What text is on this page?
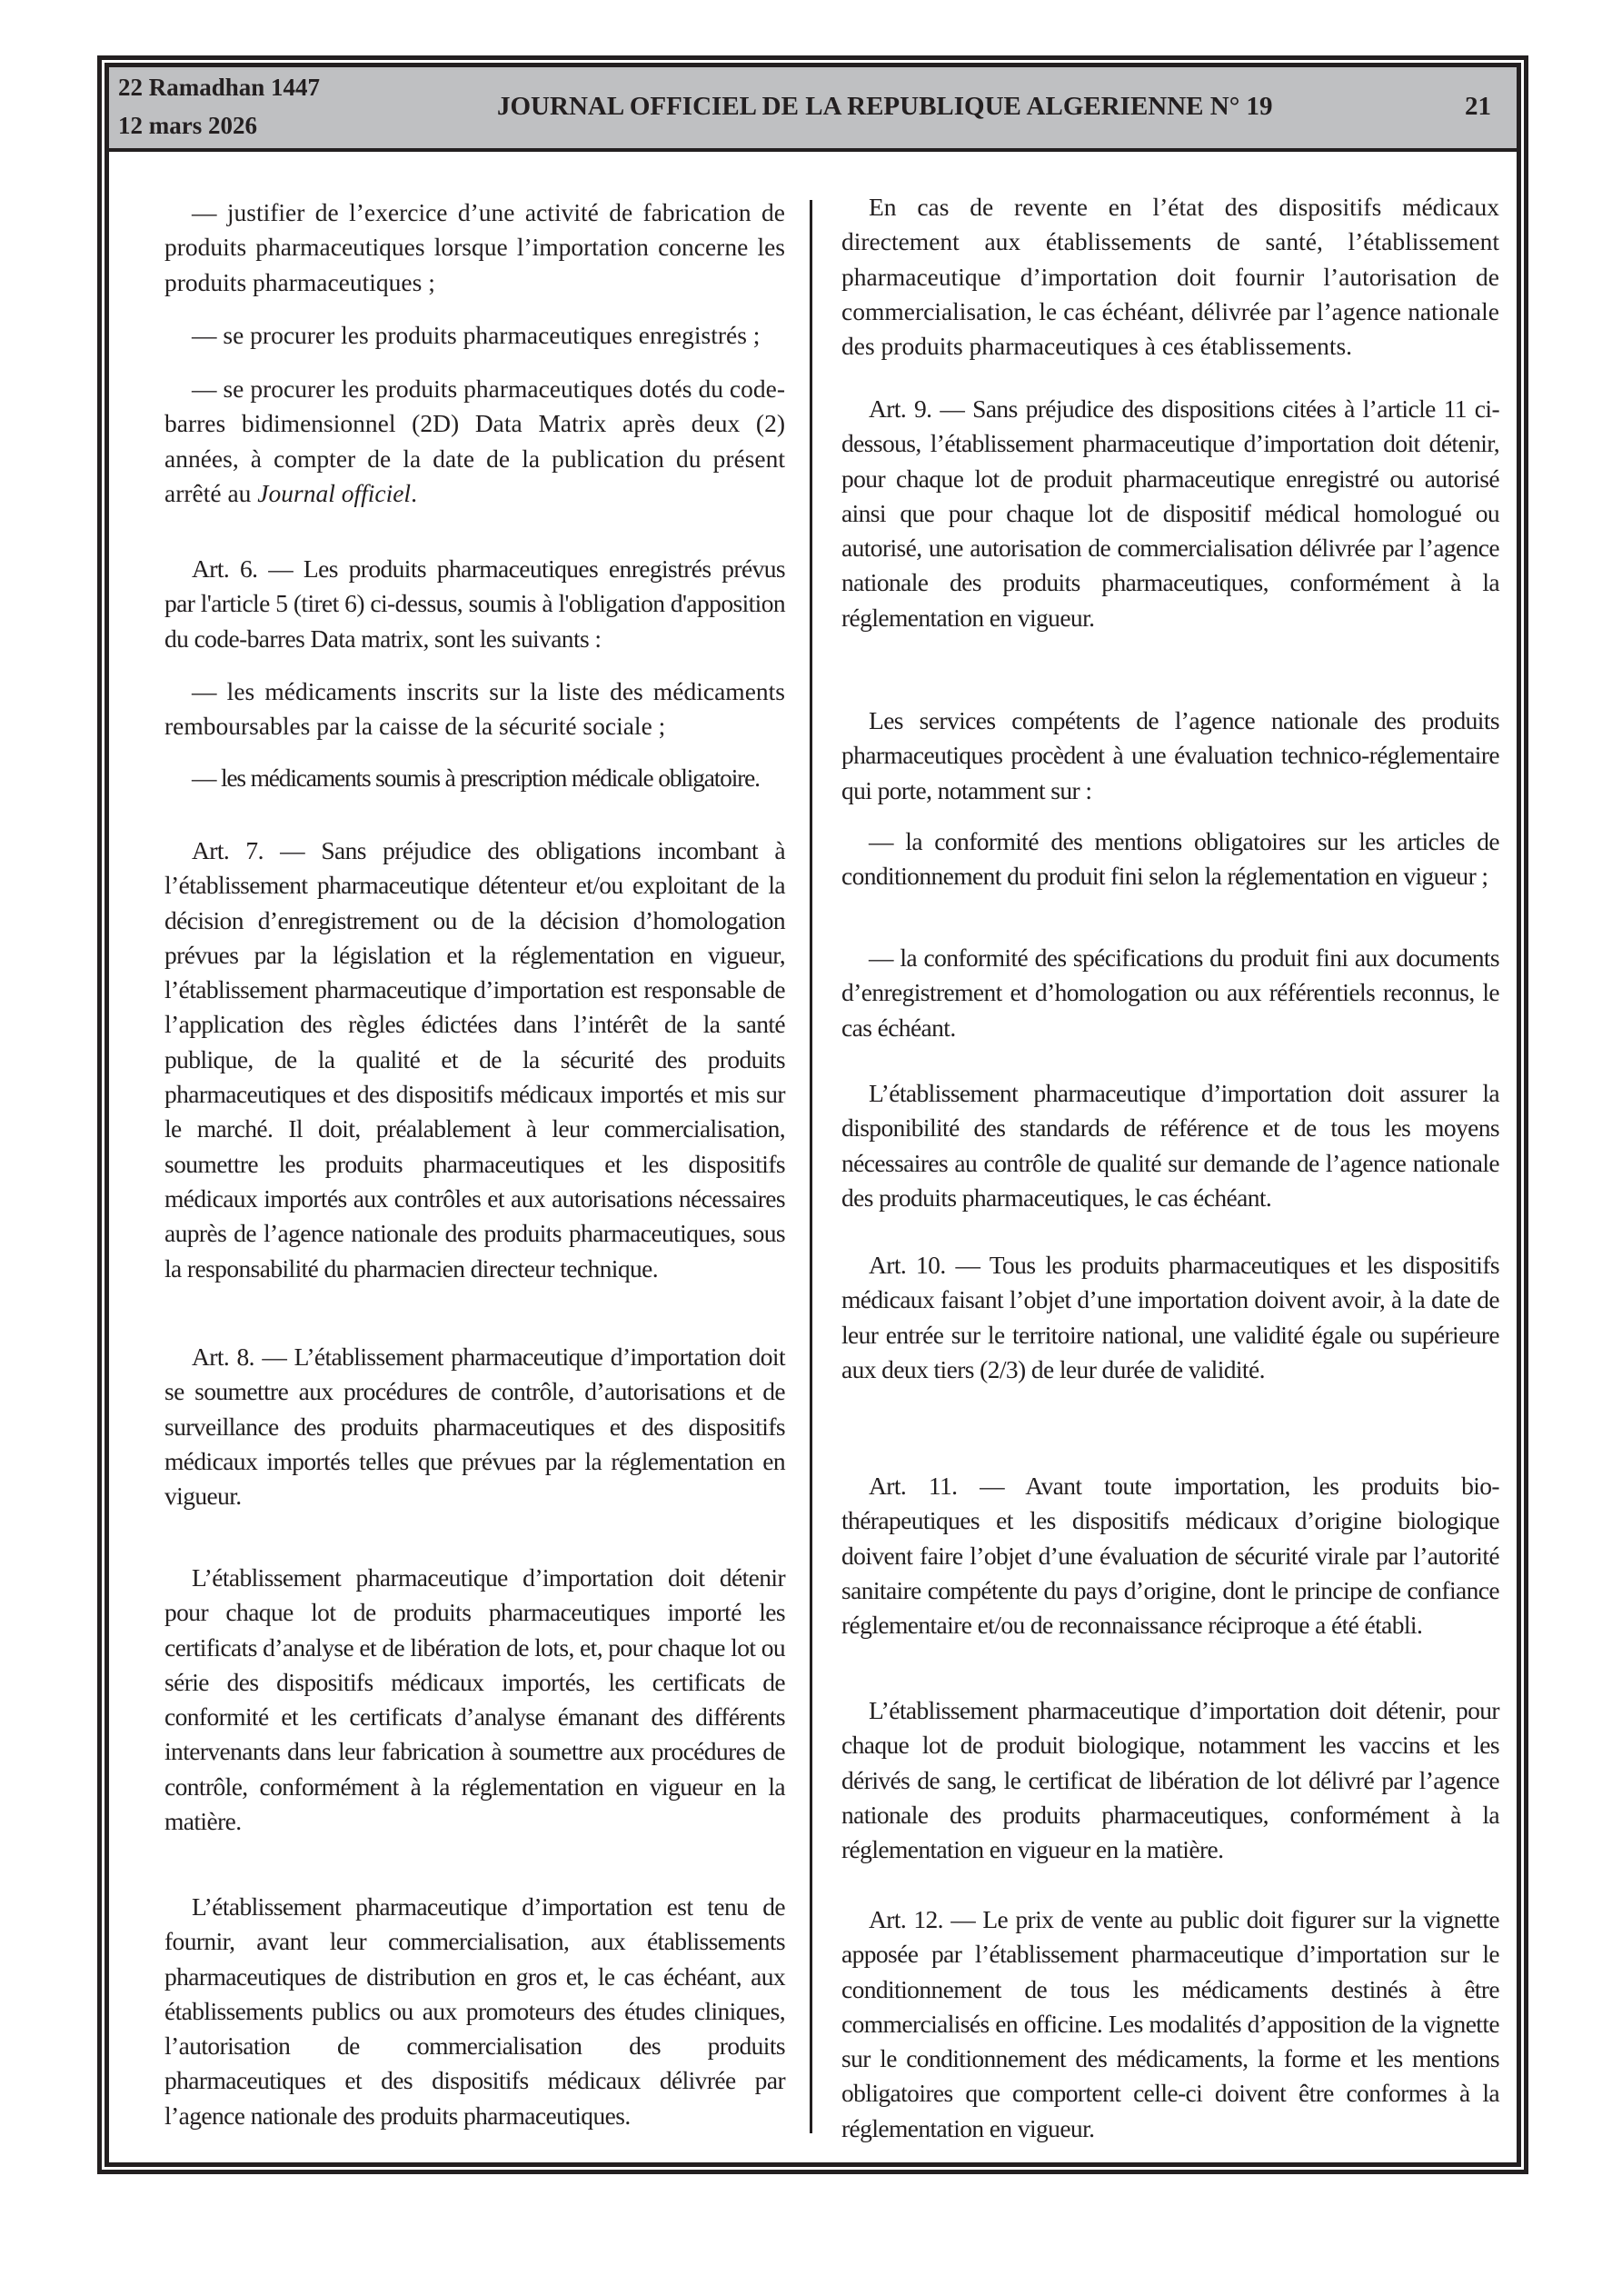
22 Ramadhan 1447
12 mars 2026
JOURNAL OFFICIEL DE LA REPUBLIQUE ALGERIENNE N° 19	21

— justifier de l’exercice d’une activité de fabrication de produits pharmaceutiques lorsque l’importation concerne les produits pharmaceutiques ;

— se procurer les produits pharmaceutiques enregistrés ;

— se procurer les produits pharmaceutiques dotés du code-barres bidimensionnel (2D) Data Matrix après deux (2) années, à compter de la date de la publication du présent arrêté au Journal officiel.

Art. 6. — Les produits pharmaceutiques enregistrés prévus par l'article 5 (tiret 6) ci-dessus, soumis à l'obligation d'apposition du code-barres Data matrix, sont les suivants :

— les médicaments inscrits sur la liste des médicaments remboursables par la caisse de la sécurité sociale ;

— les médicaments soumis à prescription médicale obligatoire.

Art. 7. — Sans préjudice des obligations incombant à l’établissement pharmaceutique détenteur et/ou exploitant de la décision d’enregistrement ou de la décision d’homologation prévues par la législation et la réglementation en vigueur, l’établissement pharmaceutique d’importation est responsable de l’application des règles édictées dans l’intérêt de la santé publique, de la qualité et de la sécurité des produits pharmaceutiques et des dispositifs médicaux importés et mis sur le marché. Il doit, préalablement à leur commercialisation, soumettre les produits pharmaceutiques et les dispositifs médicaux importés aux contrôles et aux autorisations nécessaires auprès de l’agence nationale des produits pharmaceutiques, sous la responsabilité du pharmacien directeur technique.

Art. 8. — L’établissement pharmaceutique d’importation doit se soumettre aux procédures de contrôle, d’autorisations et de surveillance des produits pharmaceutiques et des dispositifs médicaux importés telles que prévues par la réglementation en vigueur.

L’établissement pharmaceutique d’importation doit détenir pour chaque lot de produits pharmaceutiques importé les certificats d’analyse et de libération de lots, et, pour chaque lot ou série des dispositifs médicaux importés, les certificats de conformité et les certificats d’analyse émanant des différents intervenants dans leur fabrication à soumettre aux procédures de contrôle, conformément à la réglementation en vigueur en la matière.

L’établissement pharmaceutique d’importation est tenu de fournir, avant leur commercialisation, aux établissements pharmaceutiques de distribution en gros et, le cas échéant, aux établissements publics ou aux promoteurs des études cliniques, l’autorisation de commercialisation des produits pharmaceutiques et des dispositifs médicaux délivrée par l’agence nationale des produits pharmaceutiques.

En cas de revente en l’état des dispositifs médicaux directement aux établissements de santé, l’établissement pharmaceutique d’importation doit fournir l’autorisation de commercialisation, le cas échéant, délivrée par l’agence nationale des produits pharmaceutiques à ces établissements.

Art. 9. — Sans préjudice des dispositions citées à l’article 11 ci-dessous, l’établissement pharmaceutique d’importation doit détenir, pour chaque lot de produit pharmaceutique enregistré ou autorisé ainsi que pour chaque lot de dispositif médical homologué ou autorisé, une autorisation de commercialisation délivrée par l’agence nationale des produits pharmaceutiques, conformément à la réglementation en vigueur.

Les services compétents de l’agence nationale des produits pharmaceutiques procèdent à une évaluation technico-réglementaire qui porte, notamment sur :

— la conformité des mentions obligatoires sur les articles de conditionnement du produit fini selon la réglementation en vigueur ;

— la conformité des spécifications du produit fini aux documents d’enregistrement et d’homologation ou aux référentiels reconnus, le cas échéant.

L’établissement pharmaceutique d’importation doit assurer la disponibilité des standards de référence et de tous les moyens nécessaires au contrôle de qualité sur demande de l’agence nationale des produits pharmaceutiques, le cas échéant.

Art. 10. — Tous les produits pharmaceutiques et les dispositifs médicaux faisant l’objet d’une importation doivent avoir, à la date de leur entrée sur le territoire national, une validité égale ou supérieure aux deux tiers (2/3) de leur durée de validité.

Art. 11. — Avant toute importation, les produits bio-thérapeutiques et les dispositifs médicaux d’origine biologique doivent faire l’objet d’une évaluation de sécurité virale par l’autorité sanitaire compétente du pays d’origine, dont le principe de confiance réglementaire et/ou de reconnaissance réciproque a été établi.

L’établissement pharmaceutique d’importation doit détenir, pour chaque lot de produit biologique, notamment les vaccins et les dérivés de sang, le certificat de libération de lot délivré par l’agence nationale des produits pharmaceutiques, conformément à la réglementation en vigueur en la matière.

Art. 12. — Le prix de vente au public doit figurer sur la vignette apposée par l’établissement pharmaceutique d’importation sur le conditionnement de tous les médicaments destinés à être commercialisés en officine. Les modalités d’apposition de la vignette sur le conditionnement des médicaments, la forme et les mentions obligatoires que comportent celle-ci doivent être conformes à la réglementation en vigueur.
